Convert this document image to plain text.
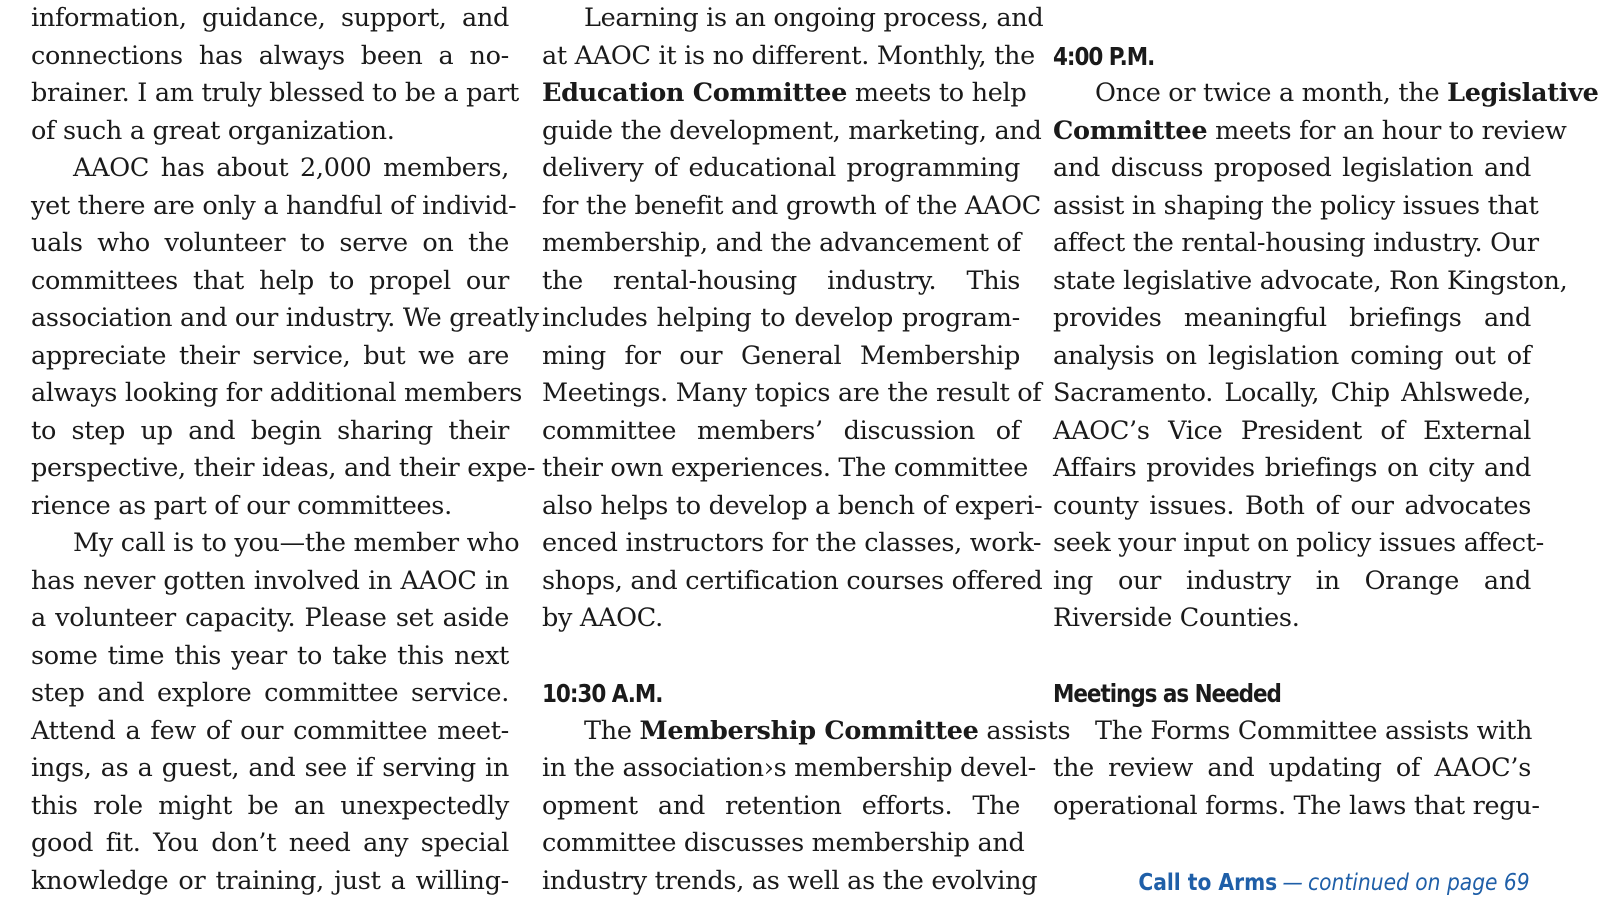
information, guidance, support, and
connections has always been a no-
brainer. I am truly blessed to be a part
of such a great organization.
AAOC has about 2,000 members,
yet there are only a handful of individ-
uals who volunteer to serve on the
committees that help to propel our
association and our industry. We greatly
appreciate their service, but we are
always looking for additional members
to step up and begin sharing their
perspective, their ideas, and their expe-
rience as part of our committees.
My call is to you—the member who
has never gotten involved in AAOC in
a volunteer capacity. Please set aside
some time this year to take this next
step and explore committee service.
Attend a few of our committee meet-
ings, as a guest, and see if serving in
this role might be an unexpectedly
good fit. You don’t need any special
knowledge or training, just a willing-
Learning is an ongoing process, and
at AAOC it is no different. Monthly, the
Education Committee meets to help
guide the development, marketing, and
delivery of educational programming
for the benefit and growth of the AAOC
membership, and the advancement of
the rental-housing industry. This
includes helping to develop program-
ming for our General Membership
Meetings. Many topics are the result of
committee members’ discussion of
their own experiences. The committee
also helps to develop a bench of experi-
enced instructors for the classes, work-
shops, and certification courses offered
by AAOC.
10:30 A.M.
The Membership Committee assists
in the association›s membership devel-
opment and retention efforts. The
committee discusses membership and
industry trends, as well as the evolving
4:00 P.M.
Once or twice a month, the Legislative
Committee meets for an hour to review
and discuss proposed legislation and
assist in shaping the policy issues that
affect the rental-housing industry. Our
state legislative advocate, Ron Kingston,
provides meaningful briefings and
analysis on legislation coming out of
Sacramento. Locally, Chip Ahlswede,
AAOC’s Vice President of External
Affairs provides briefings on city and
county issues. Both of our advocates
seek your input on policy issues affect-
ing our industry in Orange and
Riverside Counties.
Meetings as Needed
The Forms Committee assists with
the review and updating of AAOC’s
operational forms. The laws that regu-
Call to Arms — continued on page 69
